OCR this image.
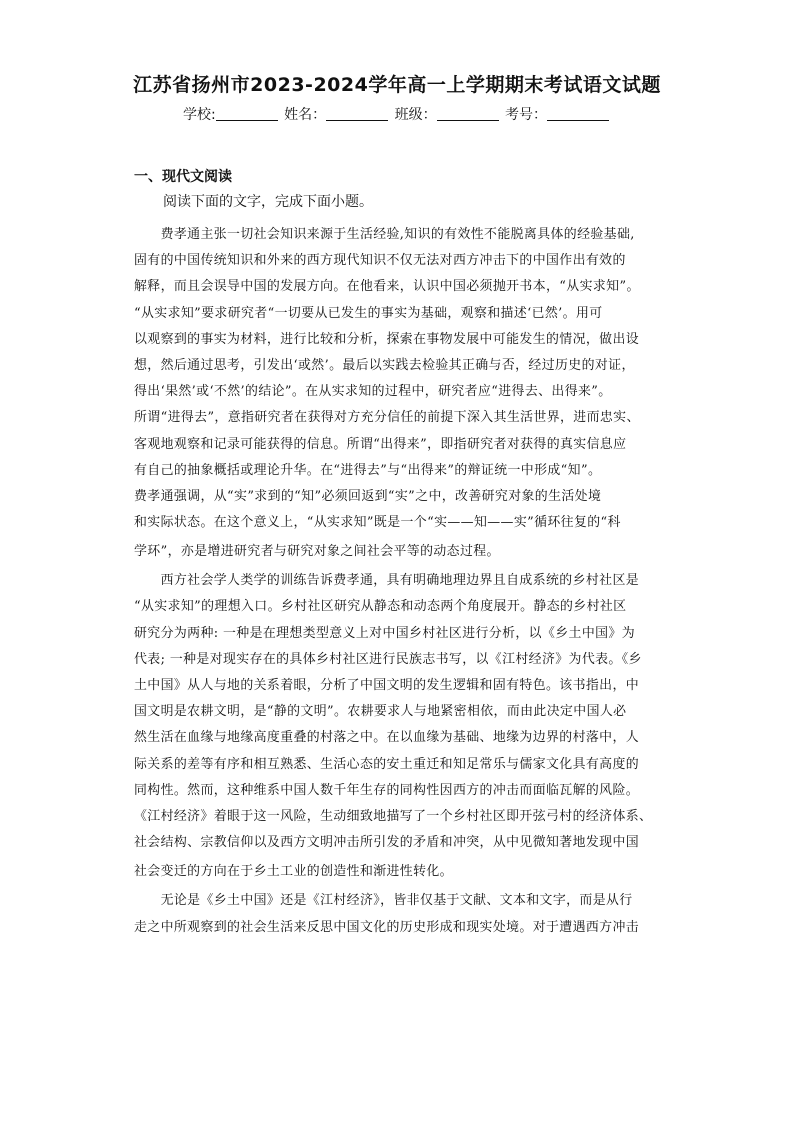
江苏省扬州市2023-2024学年高一上学期期末考试语文试题
学校:	姓名：	班级：	考号：
一、现代文阅读
阅读下面的文字，完成下面小题。
　　费孝通主张一切社会知识来源于生活经验,知识的有效性不能脱离具体的经验基础,
固有的中国传统知识和外来的西方现代知识不仅无法对西方冲击下的中国作出有效的
解释，而且会误导中国的发展方向。在他看来，认识中国必须抛开书本，“从实求知”。
“从实求知”要求研究者“一切要从已发生的事实为基础，观察和描述‘已然’。用可
以观察到的事实为材料，进行比较和分析，探索在事物发展中可能发生的情况，做出设
想，然后通过思考，引发出‘或然’。最后以实践去检验其正确与否，经过历史的对证，
得出‘果然’或‘不然’的结论”。在从实求知的过程中，研究者应“进得去、出得来”。
所谓“进得去”，意指研究者在获得对方充分信任的前提下深入其生活世界，进而忠实、
客观地观察和记录可能获得的信息。所谓“出得来”，即指研究者对获得的真实信息应
有自己的抽象概括或理论升华。在“进得去”与“出得来”的辩证统一中形成“知”。
费孝通强调，从“实”求到的“知”必须回返到“实”之中，改善研究对象的生活处境
和实际状态。在这个意义上，“从实求知”既是一个“实——知——实”循环往复的“科
学环”，亦是增进研究者与研究对象之间社会平等的动态过程。
　　西方社会学人类学的训练告诉费孝通，具有明确地理边界且自成系统的乡村社区是
“从实求知”的理想入口。乡村社区研究从静态和动态两个角度展开。静态的乡村社区
研究分为两种: 一种是在理想类型意义上对中国乡村社区进行分析，以《乡土中国》为
代表; 一种是对现实存在的具体乡村社区进行民族志书写，以《江村经济》为代表。《乡
土中国》从人与地的关系着眼，分析了中国文明的发生逻辑和固有特色。该书指出，中
国文明是农耕文明，是“静的文明”。农耕要求人与地紧密相依，而由此决定中国人必
然生活在血缘与地缘高度重叠的村落之中。在以血缘为基础、地缘为边界的村落中，人
际关系的差等有序和相互熟悉、生活心态的安土重迁和知足常乐与儒家文化具有高度的
同构性。然而，这种维系中国人数千年生存的同构性因西方的冲击而面临瓦解的风险。
《江村经济》着眼于这一风险，生动细致地描写了一个乡村社区即开弦弓村的经济体系、
社会结构、宗教信仰以及西方文明冲击所引发的矛盾和冲突，从中见微知著地发现中国
社会变迁的方向在于乡土工业的创造性和渐进性转化。
　　无论是《乡土中国》还是《江村经济》，皆非仅基于文献、文本和文字，而是从行
走之中所观察到的社会生活来反思中国文化的历史形成和现实处境。对于遭遇西方冲击
